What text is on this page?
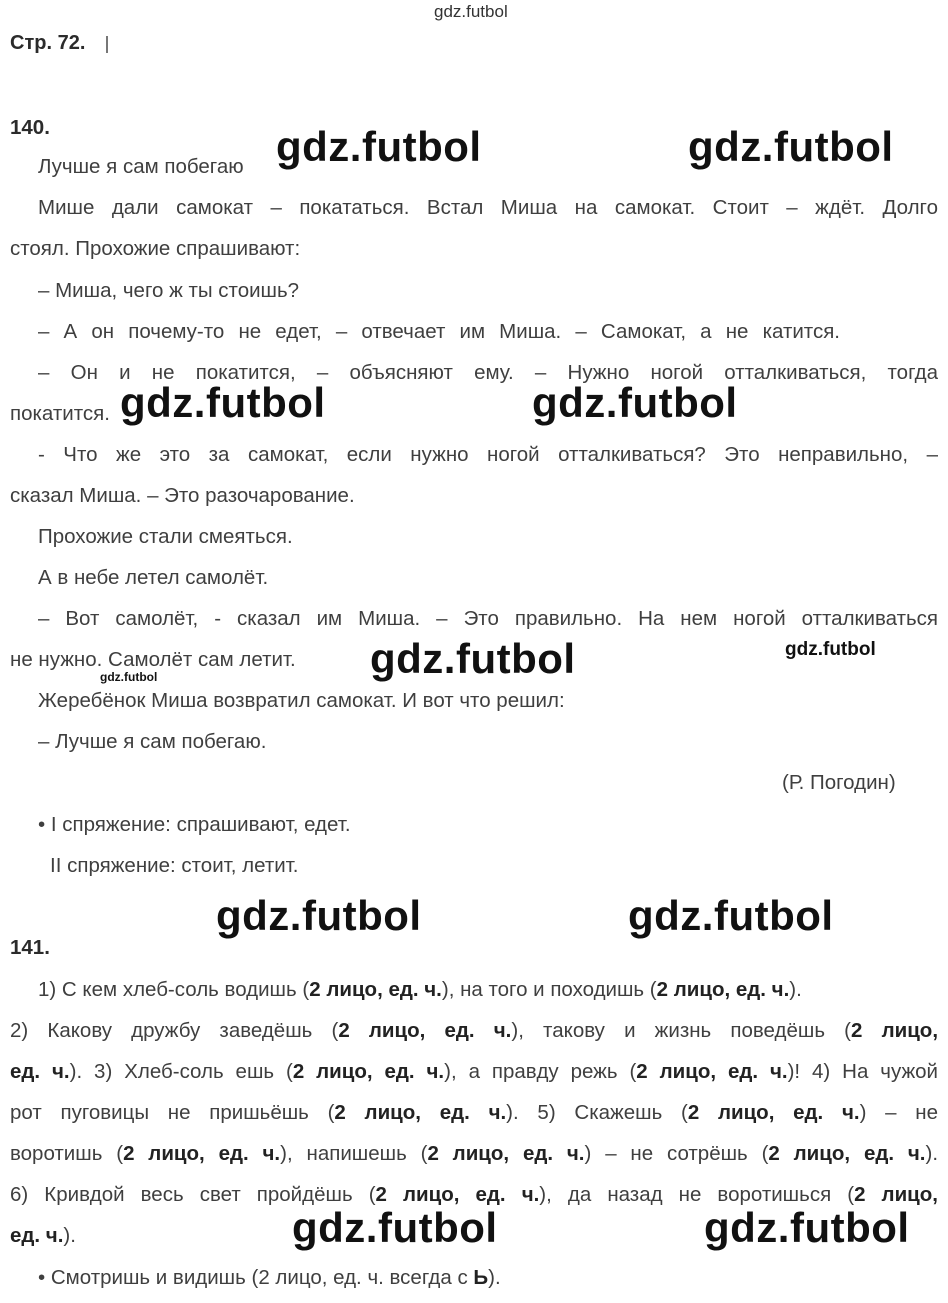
gdz.futbol
Стр. 72.
140.
Лучше я сам побегаю
Мише дали самокат – покататься. Встал Миша на самокат. Стоит – ждёт. Долго
стоял. Прохожие спрашивают:
– Миша, чего ж ты стоишь?
– А он почему-то не едет, – отвечает им Миша. – Самокат, а не катится.
– Он и не покатится, – объясняют ему. – Нужно ногой отталкиваться, тогда
покатится.
- Что же это за самокат, если нужно ногой отталкиваться? Это неправильно, –
сказал Миша. – Это разочарование.
Прохожие стали смеяться.
А в небе летел самолёт.
– Вот самолёт, - сказал им Миша. – Это правильно. На нем ногой отталкиваться
не нужно. Самолёт сам летит.
Жеребёнок Миша возвратил самокат. И вот что решил:
– Лучше я сам побегаю.
(Р. Погодин)
• I спряжение: спрашивают, едет.
II спряжение: стоит, летит.
141.
1) С кем хлеб-соль водишь (2 лицо, ед. ч.), на того и походишь (2 лицо, ед. ч.).
2) Какову дружбу заведёшь (2 лицо, ед. ч.), такову и жизнь поведёшь (2 лицо,
ед. ч.). 3) Хлеб-соль ешь (2 лицо, ед. ч.), а правду режь (2 лицо, ед. ч.)! 4) На чужой
рот пуговицы не пришьёшь (2 лицо, ед. ч.). 5) Скажешь (2 лицо, ед. ч.) – не
воротишь (2 лицо, ед. ч.), напишешь (2 лицо, ед. ч.) – не сотрёшь (2 лицо, ед. ч.).
6) Кривдой весь свет пройдёшь (2 лицо, ед. ч.), да назад не воротишься (2 лицо,
ед. ч.).
• Смотришь и видишь (2 лицо, ед. ч. всегда с Ь).
gdz.futbol	gdz.futbol
gdz.futbol	gdz.futbol
gdz.futbol	gdz.futbol
gdz.futbol
gdz.futbol	gdz.futbol
gdz.futbol	gdz.futbol
